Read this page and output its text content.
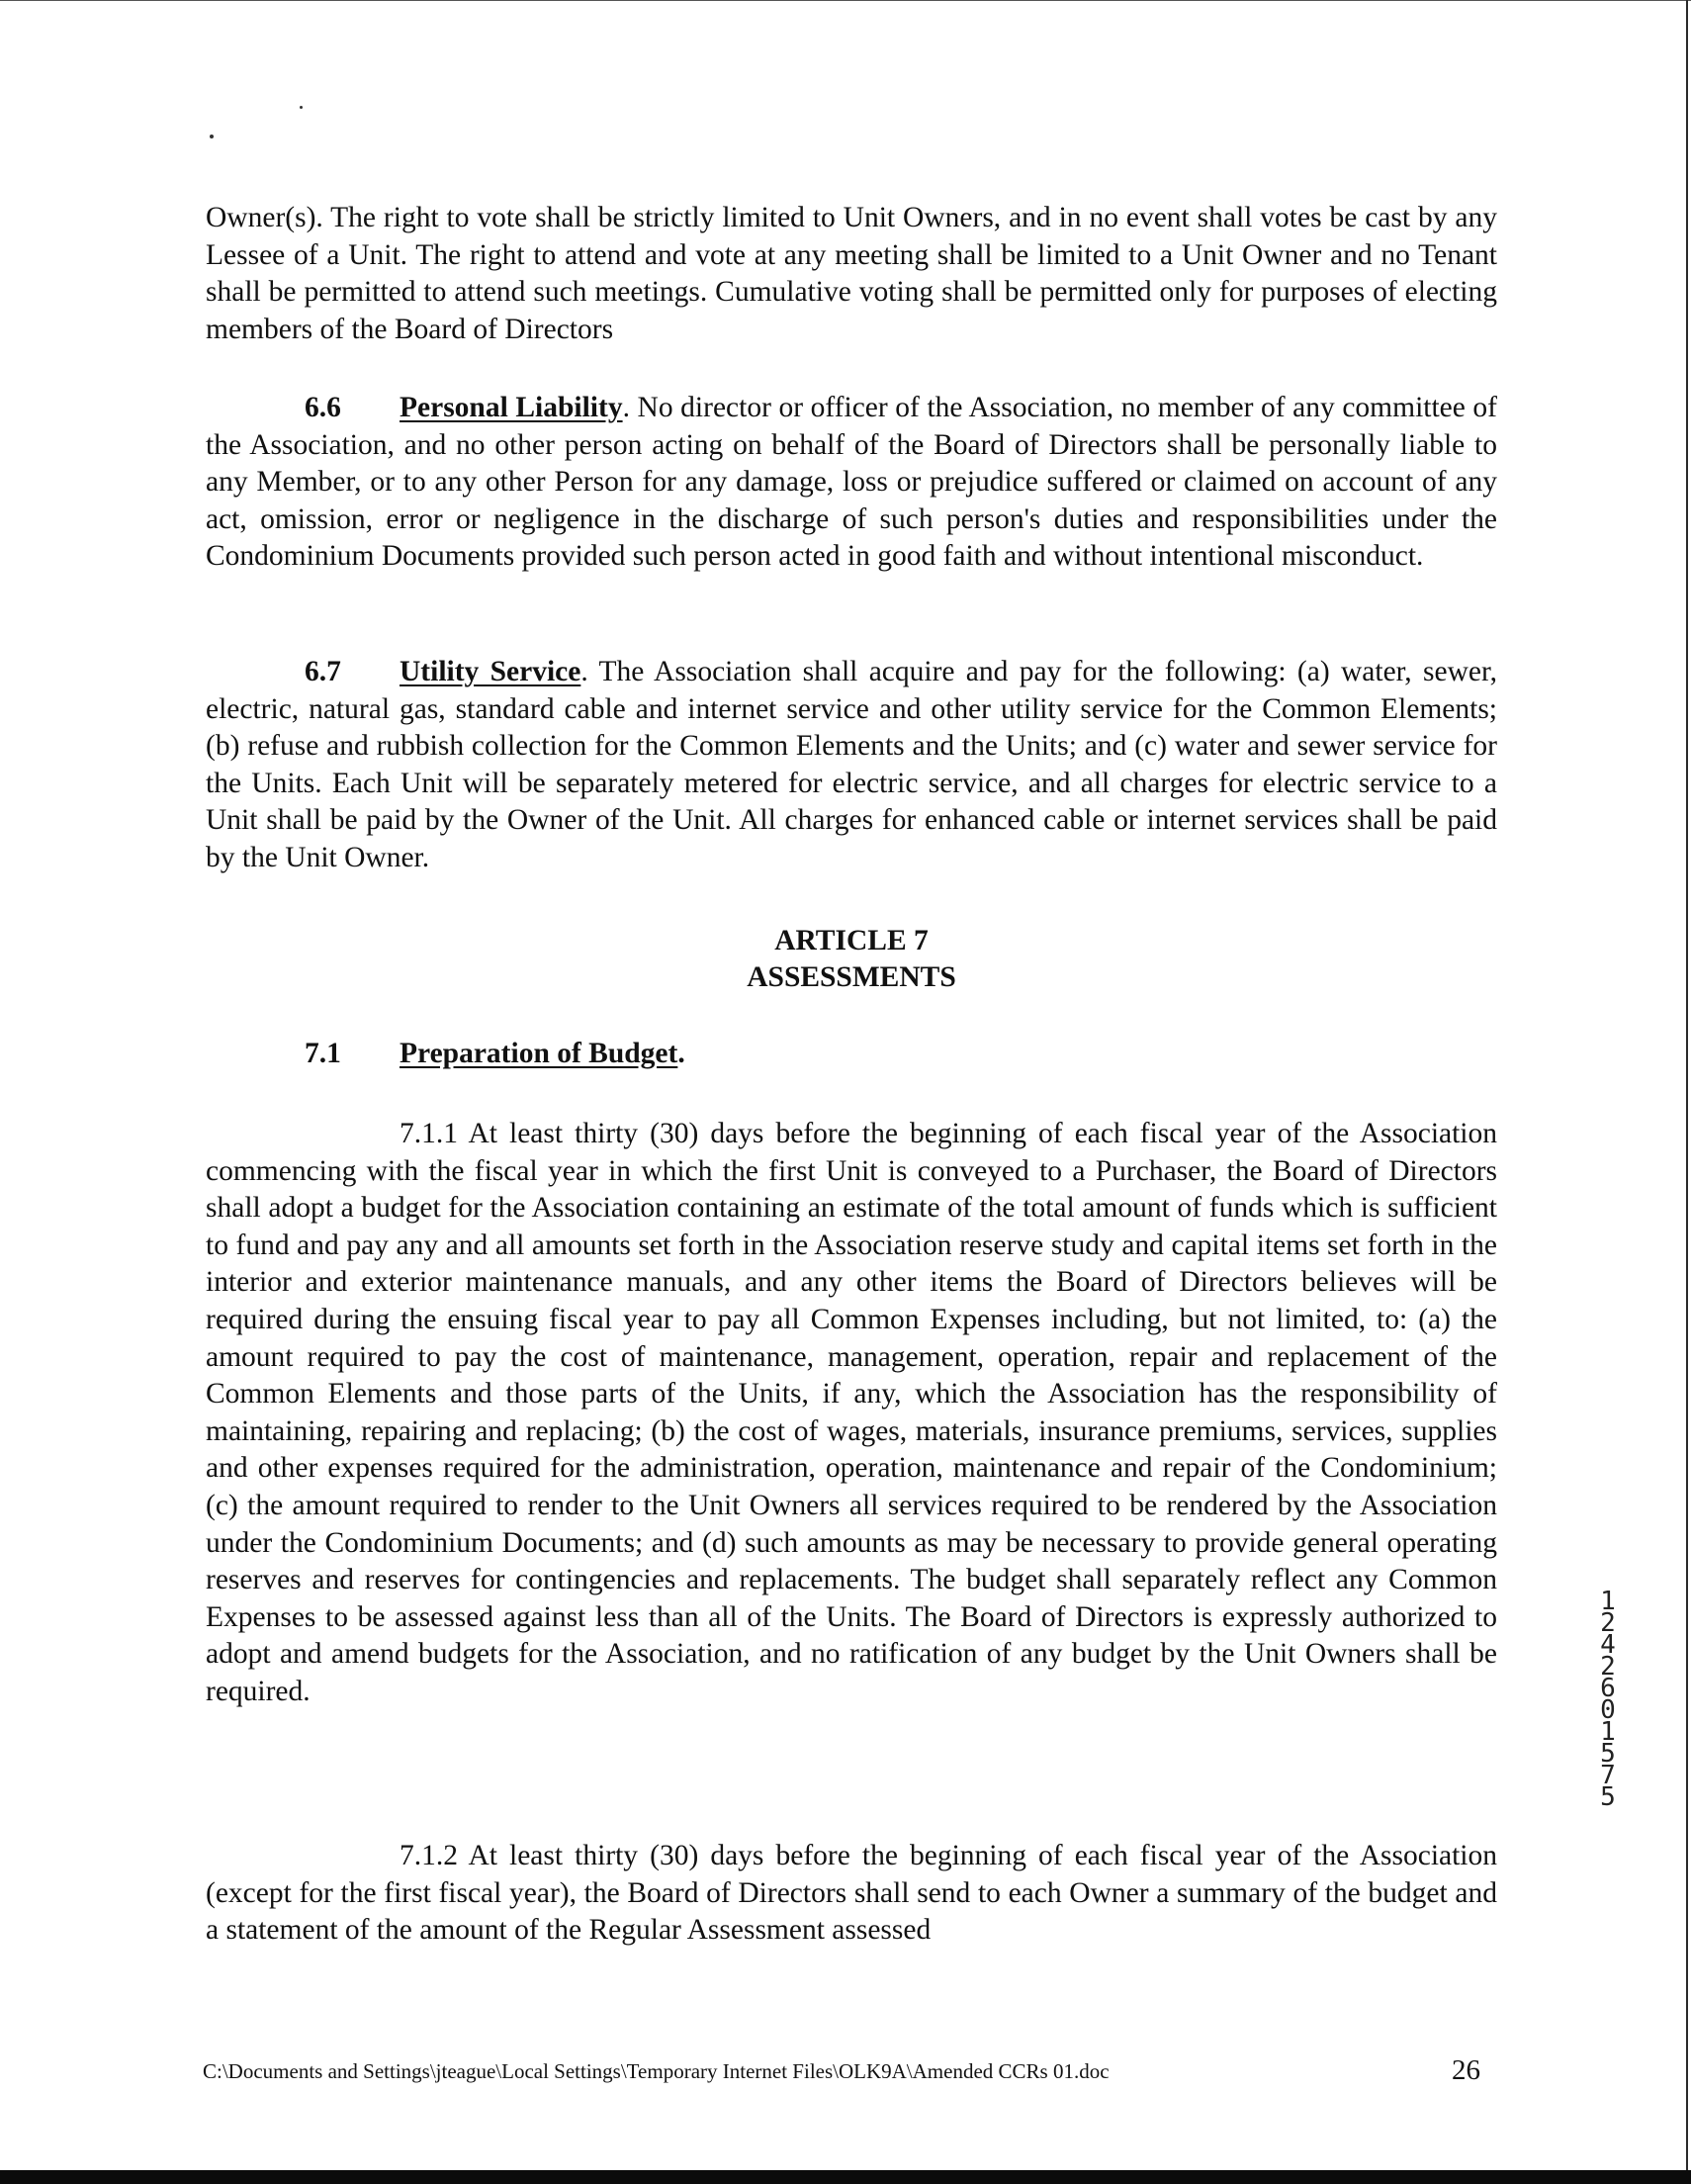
Owner(s). The right to vote shall be strictly limited to Unit Owners, and in no event shall votes be cast by any Lessee of a Unit. The right to attend and vote at any meeting shall be limited to a Unit Owner and no Tenant shall be permitted to attend such meetings. Cumulative voting shall be permitted only for purposes of electing members of the Board of Directors

6.6 Personal Liability. No director or officer of the Association, no member of any committee of the Association, and no other person acting on behalf of the Board of Directors shall be personally liable to any Member, or to any other Person for any damage, loss or prejudice suffered or claimed on account of any act, omission, error or negligence in the discharge of such person's duties and responsibilities under the Condominium Documents provided such person acted in good faith and without intentional misconduct.

6.7 Utility Service. The Association shall acquire and pay for the following: (a) water, sewer, electric, natural gas, standard cable and internet service and other utility service for the Common Elements; (b) refuse and rubbish collection for the Common Elements and the Units; and (c) water and sewer service for the Units. Each Unit will be separately metered for electric service, and all charges for electric service to a Unit shall be paid by the Owner of the Unit. All charges for enhanced cable or internet services shall be paid by the Unit Owner.

ARTICLE 7
ASSESSMENTS

7.1 Preparation of Budget.

7.1.1 At least thirty (30) days before the beginning of each fiscal year of the Association commencing with the fiscal year in which the first Unit is conveyed to a Purchaser, the Board of Directors shall adopt a budget for the Association containing an estimate of the total amount of funds which is sufficient to fund and pay any and all amounts set forth in the Association reserve study and capital items set forth in the interior and exterior maintenance manuals, and any other items the Board of Directors believes will be required during the ensuing fiscal year to pay all Common Expenses including, but not limited, to: (a) the amount required to pay the cost of maintenance, management, operation, repair and replacement of the Common Elements and those parts of the Units, if any, which the Association has the responsibility of maintaining, repairing and replacing; (b) the cost of wages, materials, insurance premiums, services, supplies and other expenses required for the administration, operation, maintenance and repair of the Condominium; (c) the amount required to render to the Unit Owners all services required to be rendered by the Association under the Condominium Documents; and (d) such amounts as may be necessary to provide general operating reserves and reserves for contingencies and replacements. The budget shall separately reflect any Common Expenses to be assessed against less than all of the Units. The Board of Directors is expressly authorized to adopt and amend budgets for the Association, and no ratification of any budget by the Unit Owners shall be required.

7.1.2 At least thirty (30) days before the beginning of each fiscal year of the Association (except for the first fiscal year), the Board of Directors shall send to each Owner a summary of the budget and a statement of the amount of the Regular Assessment assessed

1242 6 0 1 5 7 5
C:\Documents and Settings\jteague\Local Settings\Temporary Internet Files\OLK9A\Amended CCRs 01.doc	26
